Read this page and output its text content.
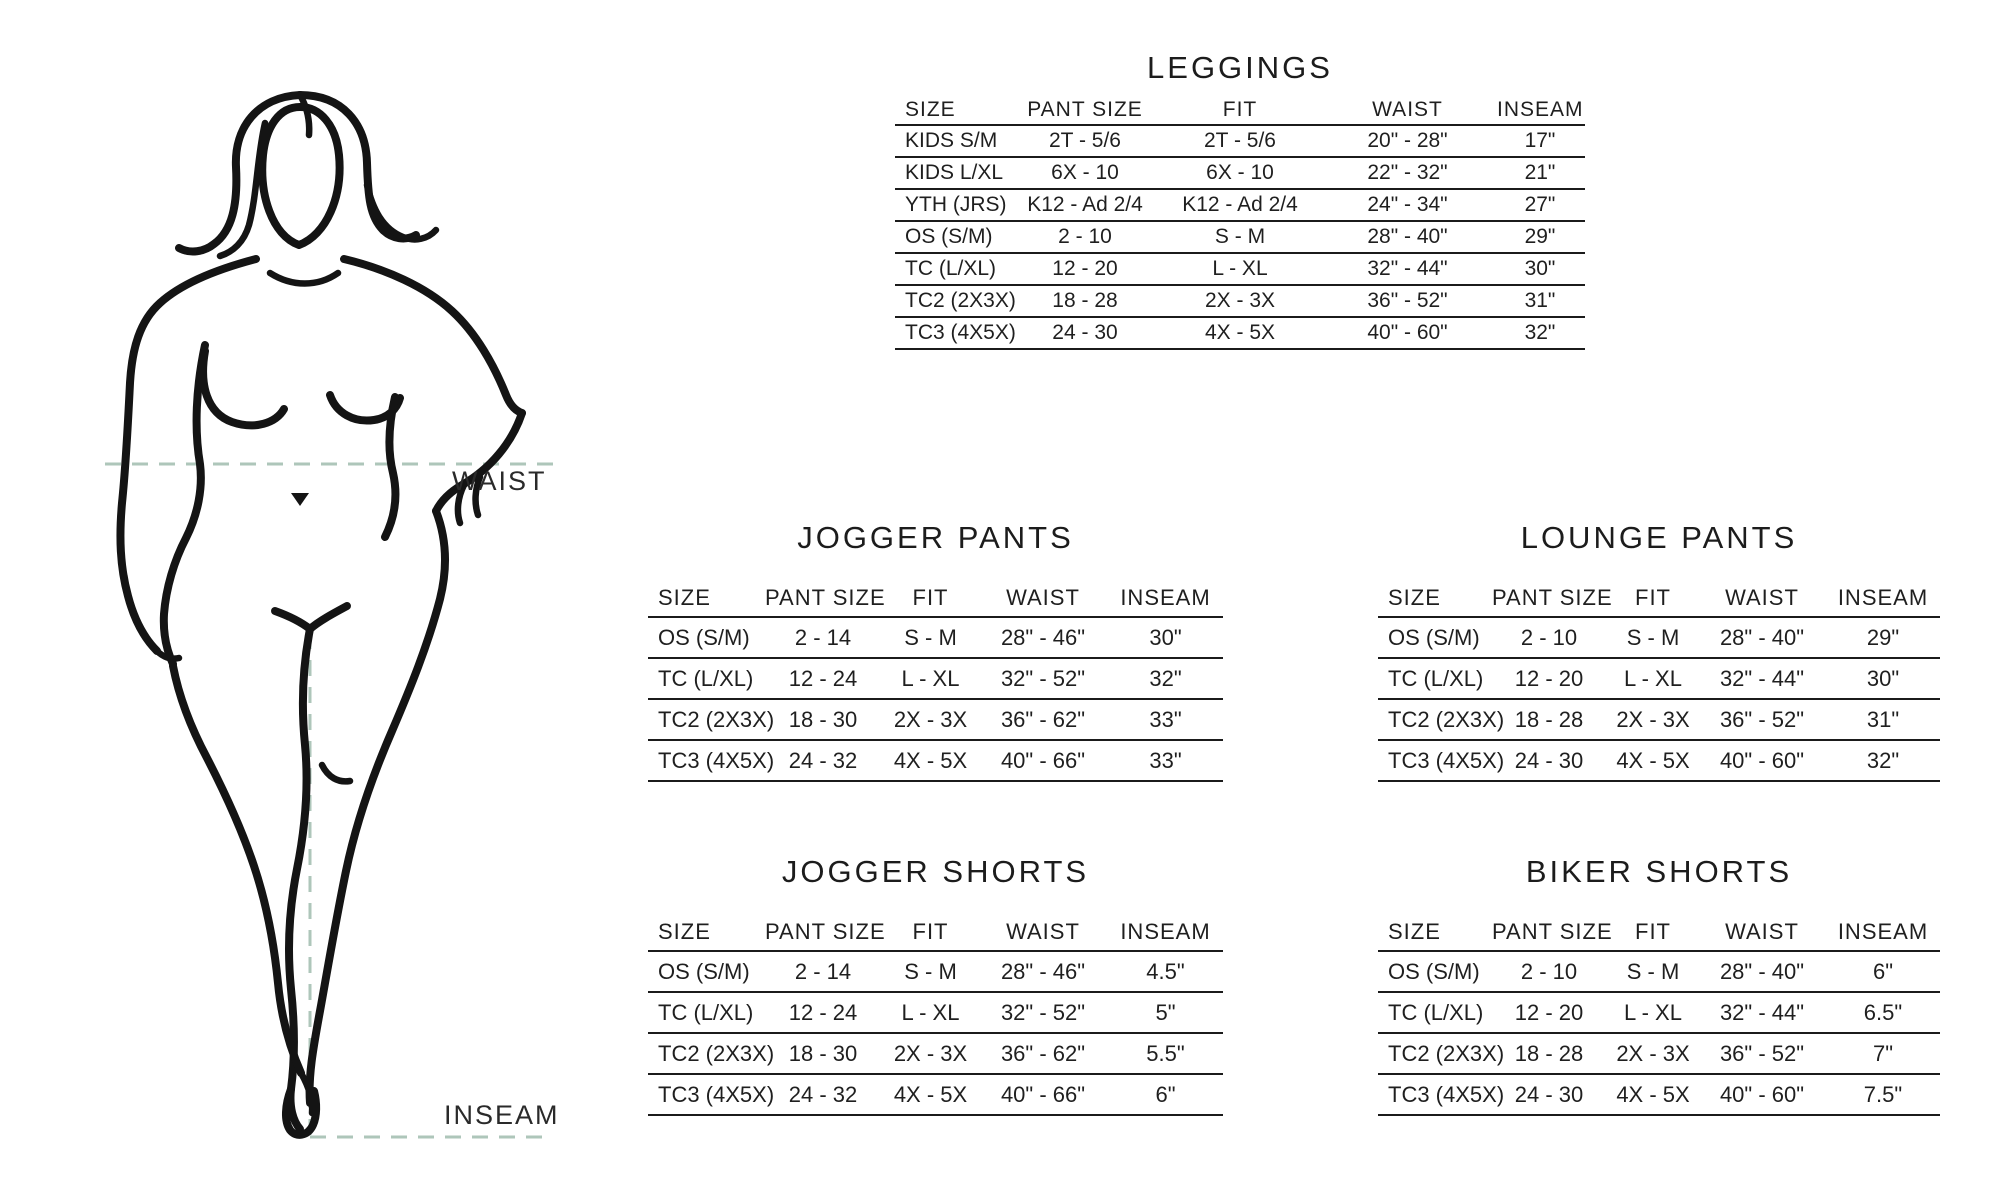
WAIST
INSEAM
LEGGINGS
SIZE	PANT SIZE	FIT	WAIST	INSEAM
KIDS S/M	2T - 5/6	2T - 5/6	20" - 28"	17"
KIDS L/XL	6X - 10	6X - 10	22" - 32"	21"
YTH (JRS)	K12 - Ad 2/4	K12 - Ad 2/4	24" - 34"	27"
OS (S/M)	2 - 10	S - M	28" - 40"	29"
TC (L/XL)	12 - 20	L - XL	32" - 44"	30"
TC2 (2X3X)	18 - 28	2X - 3X	36" - 52"	31"
TC3 (4X5X)	24 - 30	4X - 5X	40" - 60"	32"
JOGGER PANTS
SIZE	PANT SIZE	FIT	WAIST	INSEAM
OS (S/M)	2 - 14	S - M	28" - 46"	30"
TC (L/XL)	12 - 24	L - XL	32" - 52"	32"
TC2 (2X3X)	18 - 30	2X - 3X	36" - 62"	33"
TC3 (4X5X)	24 - 32	4X - 5X	40" - 66"	33"
LOUNGE PANTS
SIZE	PANT SIZE	FIT	WAIST	INSEAM
OS (S/M)	2 - 10	S - M	28" - 40"	29"
TC (L/XL)	12 - 20	L - XL	32" - 44"	30"
TC2 (2X3X)	18 - 28	2X - 3X	36" - 52"	31"
TC3 (4X5X)	24 - 30	4X - 5X	40" - 60"	32"
JOGGER SHORTS
SIZE	PANT SIZE	FIT	WAIST	INSEAM
OS (S/M)	2 - 14	S - M	28" - 46"	4.5"
TC (L/XL)	12 - 24	L - XL	32" - 52"	5"
TC2 (2X3X)	18 - 30	2X - 3X	36" - 62"	5.5"
TC3 (4X5X)	24 - 32	4X - 5X	40" - 66"	6"
BIKER SHORTS
SIZE	PANT SIZE	FIT	WAIST	INSEAM
OS (S/M)	2 - 10	S - M	28" - 40"	6"
TC (L/XL)	12 - 20	L - XL	32" - 44"	6.5"
TC2 (2X3X)	18 - 28	2X - 3X	36" - 52"	7"
TC3 (4X5X)	24 - 30	4X - 5X	40" - 60"	7.5"
